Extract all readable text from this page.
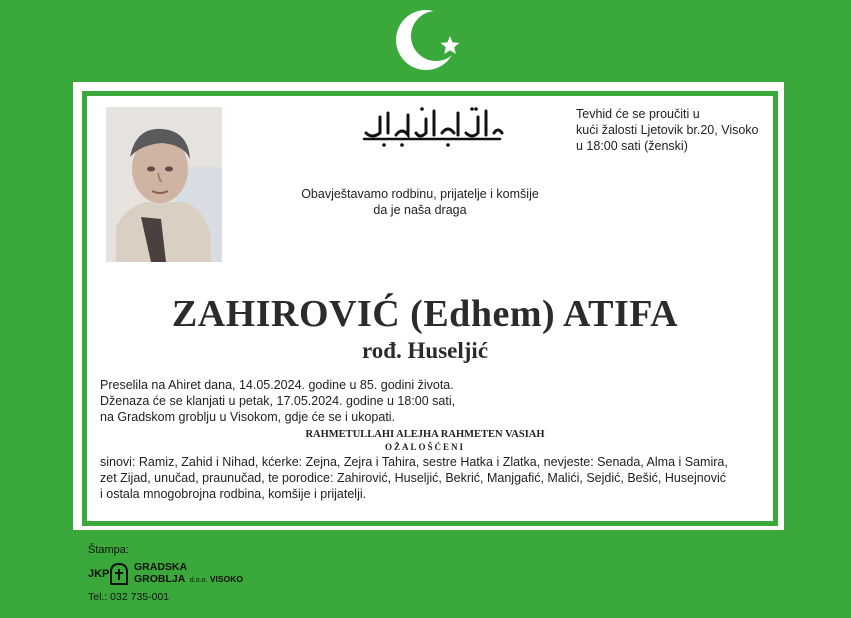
Tevhid će se proučiti u
kući žalosti Ljetovik br.20, Visoko
u 18:00 sati (ženski)
Obavještavamo rodbinu, prijatelje i komšije
da je naša draga
ZAHIROVIĆ (Edhem) ATIFA
rođ. Huseljić
Preselila na Ahiret dana, 14.05.2024. godine u 85. godini života.
Dženaza će se klanjati u petak, 17.05.2024. godine u 18:00 sati,
na Gradskom groblju u Visokom, gdje će se i ukopati.
RAHMETULLAHI ALEJHA RAHMETEN VASIAH
OŽALOŠĆENI
sinovi: Ramiz, Zahid i Nihad, kćerke: Zejna, Zejra i Tahira, sestre Hatka i Zlatka, nevjeste: Senada, Alma i Samira,
zet Zijad, unučad, praunučad, te porodice: Zahirović, Huseljić, Bekrić, Manjgafić, Malići, Sejdić, Bešić, Husejnović
i ostala mnogobrojna rodbina, komšije i prijatelji.
Štampa:
JKP
GRADSKA
GROBLJA d.o.o. VISOKO
Tel.: 032 735-001
